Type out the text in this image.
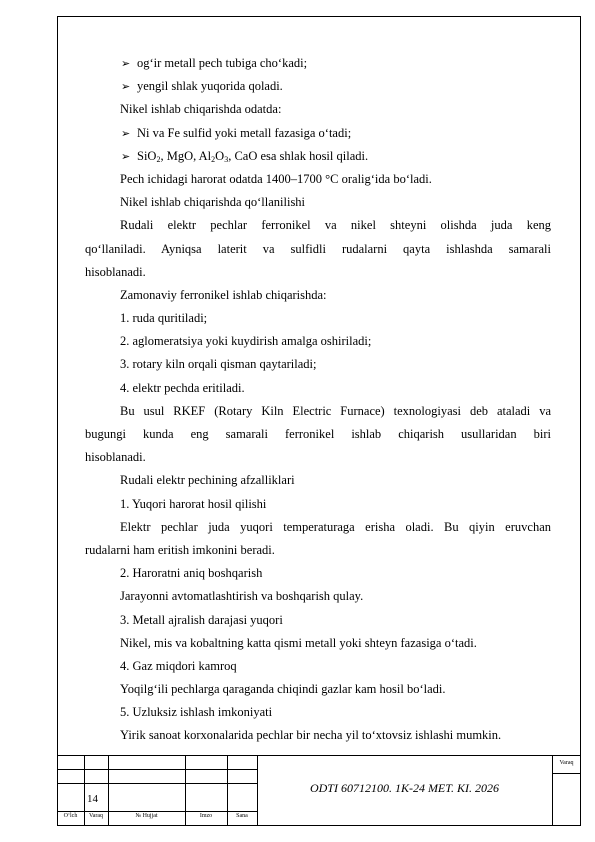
➢ og‘ir metall pech tubiga cho‘kadi;
➢ yengil shlak yuqorida qoladi.
Nikel ishlab chiqarishda odatda:
➢ Ni va Fe sulfid yoki metall fazasiga o‘tadi;
➢ SiO$_2$, MgO, $Al_2O_3$, CaO esa shlak hosil qiladi.
Pech ichidagi harorat odatda 1400–1700 °C oralig‘ida bo‘ladi.
Nikel ishlab chiqarishda qo‘llanilishi
Rudali elektr pechlar ferronikel va nikel shteyni olishda juda keng
qo‘llaniladi. Ayniqsa laterit va sulfidli rudalarni qayta ishlashda samarali
hisoblanadi.
Zamonaviy ferronikel ishlab chiqarishda:
1. ruda quritiladi;
2. aglomeratsiya yoki kuydirish amalga oshiriladi;
3. rotary kiln orqali qisman qaytariladi;
4. elektr pechda eritiladi.
Bu usul RKEF (Rotary Kiln Electric Furnace) texnologiyasi deb ataladi va
bugungi kunda eng samarali ferronikel ishlab chiqarish usullaridan biri
hisoblanadi.
Rudali elektr pechining afzalliklari
1. Yuqori harorat hosil qilishi
Elektr pechlar juda yuqori temperaturaga erisha oladi. Bu qiyin eruvchan
rudalarni ham eritish imkonini beradi.
2. Haroratni aniq boshqarish
Jarayonni avtomatlashtirish va boshqarish qulay.
3. Metall ajralish darajasi yuqori
Nikel, mis va kobaltning katta qismi metall yoki shteyn fazasiga o‘tadi.
4. Gaz miqdori kamroq
Yoqilg‘ili pechlarga qaraganda chiqindi gazlar kam hosil bo‘ladi.
5. Uzluksiz ishlash imkoniyati
Yirik sanoat korxonalarida pechlar bir necha yil to‘xtovsiz ishlashi mumkin.
O‘lch	Varaq	№ Hujjat	Imzo	Sana
14
ODTI 60712100. 1K-24 MET. KI. 2026
Varaq
